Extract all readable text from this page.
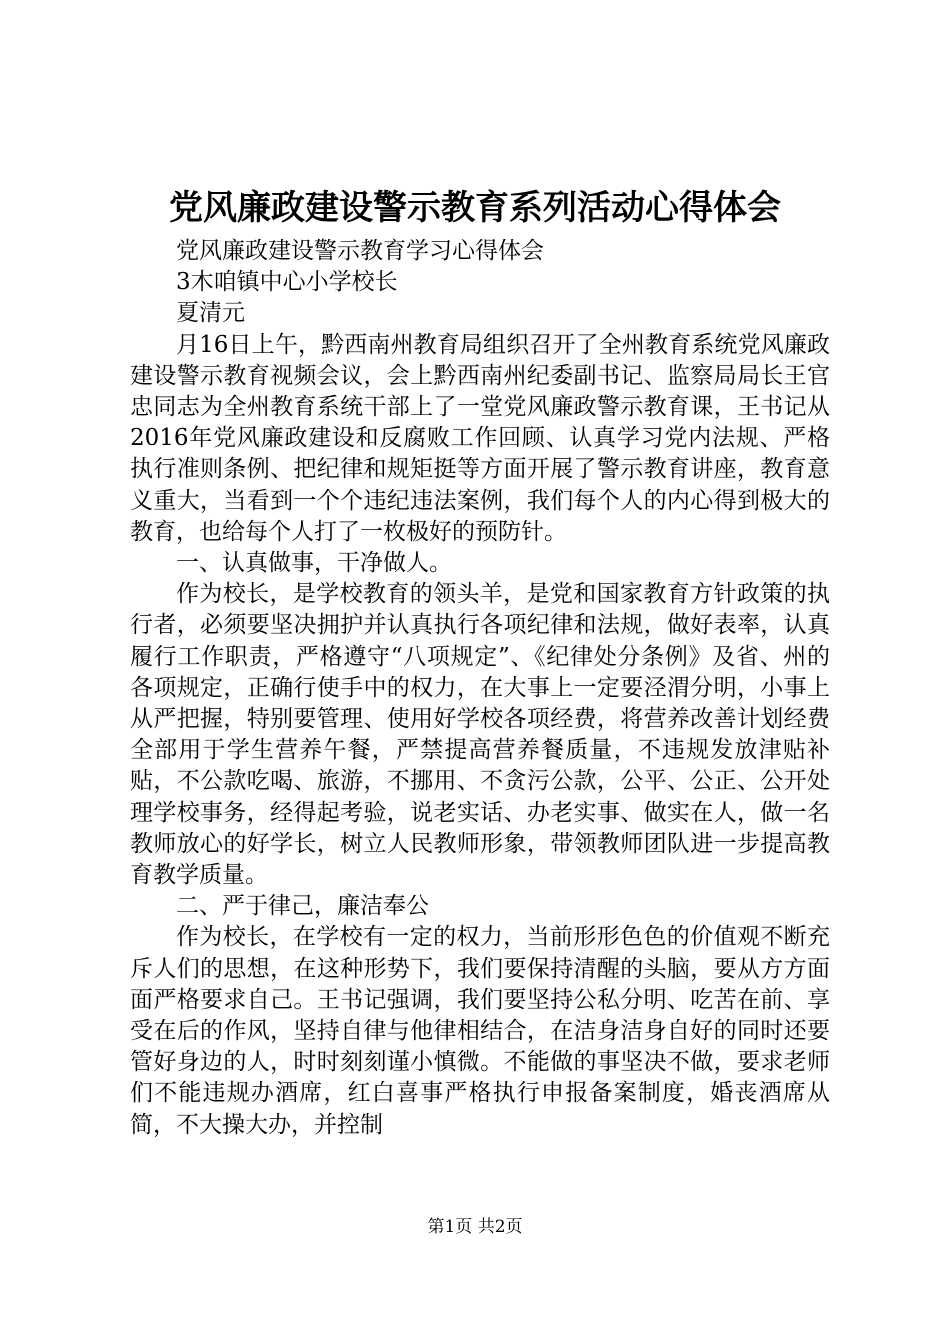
党风廉政建设警示教育系列活动心得体会

党风廉政建设警示教育学习心得体会

3木咱镇中心小学校长

夏清元

月16日上午，黔西南州教育局组织召开了全州教育系统党风廉政建设警示教育视频会议，会上黔西南州纪委副书记、监察局局长王官忠同志为全州教育系统干部上了一堂党风廉政警示教育课，王书记从2016年党风廉政建设和反腐败工作回顾、认真学习党内法规、严格执行准则条例、把纪律和规矩挺等方面开展了警示教育讲座，教育意义重大，当看到一个个违纪违法案例，我们每个人的内心得到极大的教育，也给每个人打了一枚极好的预防针。

一、认真做事，干净做人。

作为校长，是学校教育的领头羊，是党和国家教育方针政策的执行者，必须要坚决拥护并认真执行各项纪律和法规，做好表率，认真履行工作职责，严格遵守“八项规定”、《纪律处分条例》及省、州的各项规定，正确行使手中的权力，在大事上一定要泾渭分明，小事上从严把握，特别要管理、使用好学校各项经费，将营养改善计划经费全部用于学生营养午餐，严禁提高营养餐质量，不违规发放津贴补贴，不公款吃喝、旅游，不挪用、不贪污公款，公平、公正、公开处理学校事务，经得起考验，说老实话、办老实事、做实在人，做一名教师放心的好学长，树立人民教师形象，带领教师团队进一步提高教育教学质量。

二、严于律己，廉洁奉公

作为校长，在学校有一定的权力，当前形形色色的价值观不断充斥人们的思想，在这种形势下，我们要保持清醒的头脑，要从方方面面严格要求自己。王书记强调，我们要坚持公私分明、吃苦在前、享受在后的作风，坚持自律与他律相结合，在洁身洁身自好的同时还要管好身边的人，时时刻刻谨小慎微。不能做的事坚决不做，要求老师们不能违规办酒席，红白喜事严格执行申报备案制度，婚丧酒席从简，不大操大办，并控制

第1页 共2页
